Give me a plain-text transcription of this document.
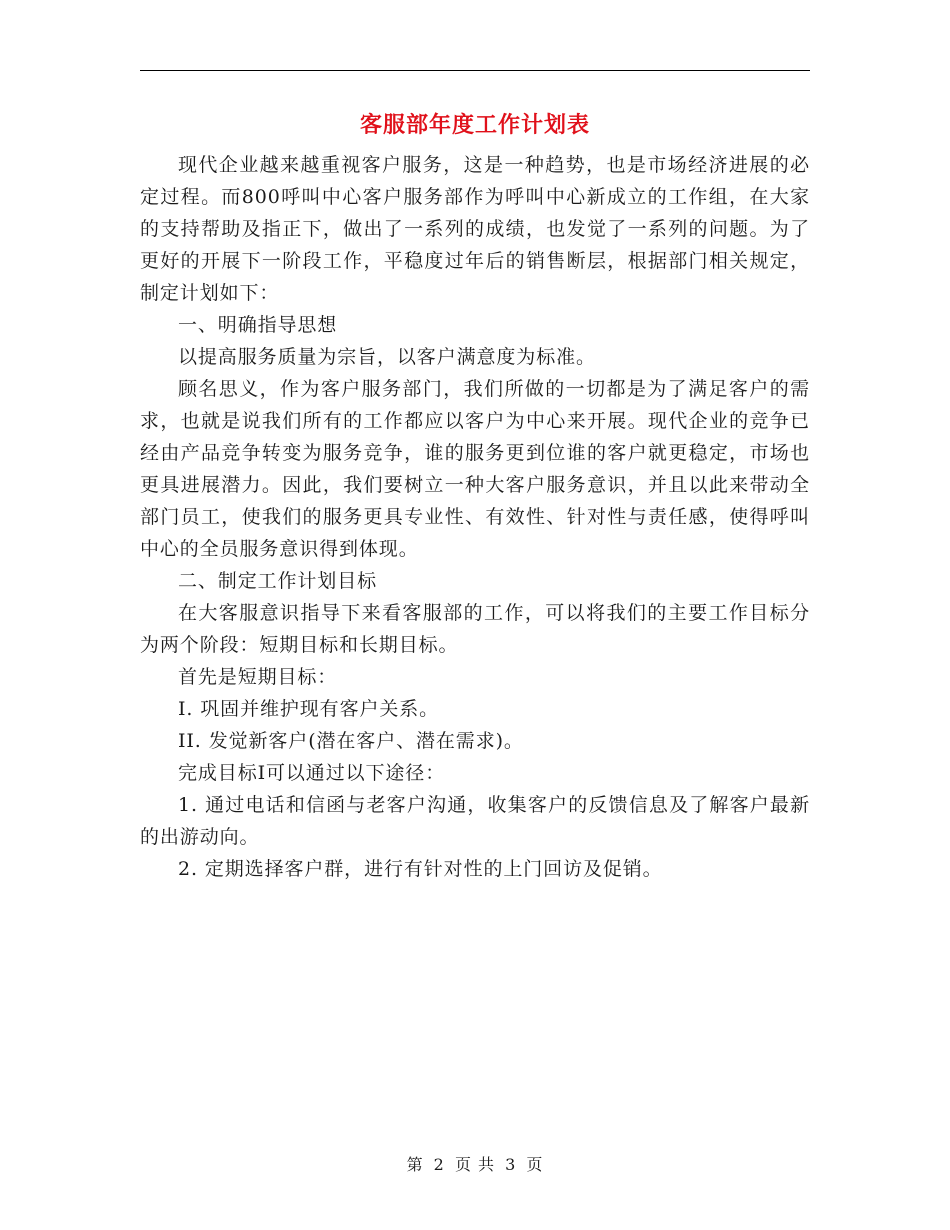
客服部年度工作计划表

现代企业越来越重视客户服务，这是一种趋势，也是市场经济进展的必定过程。而800呼叫中心客户服务部作为呼叫中心新成立的工作组，在大家的支持帮助及指正下，做出了一系列的成绩，也发觉了一系列的问题。为了更好的开展下一阶段工作，平稳度过年后的销售断层，根据部门相关规定，制定计划如下：

一、明确指导思想

以提高服务质量为宗旨，以客户满意度为标准。

顾名思义，作为客户服务部门，我们所做的一切都是为了满足客户的需求，也就是说我们所有的工作都应以客户为中心来开展。现代企业的竞争已经由产品竞争转变为服务竞争，谁的服务更到位谁的客户就更稳定，市场也更具进展潜力。因此，我们要树立一种大客户服务意识，并且以此来带动全部门员工，使我们的服务更具专业性、有效性、针对性与责任感，使得呼叫中心的全员服务意识得到体现。

二、制定工作计划目标

在大客服意识指导下来看客服部的工作，可以将我们的主要工作目标分为两个阶段：短期目标和长期目标。

首先是短期目标：

I. 巩固并维护现有客户关系。

II. 发觉新客户(潜在客户、潜在需求)。

完成目标I可以通过以下途径：

1. 通过电话和信函与老客户沟通，收集客户的反馈信息及了解客户最新的出游动向。

2. 定期选择客户群，进行有针对性的上门回访及促销。

第 2 页 共 3 页
